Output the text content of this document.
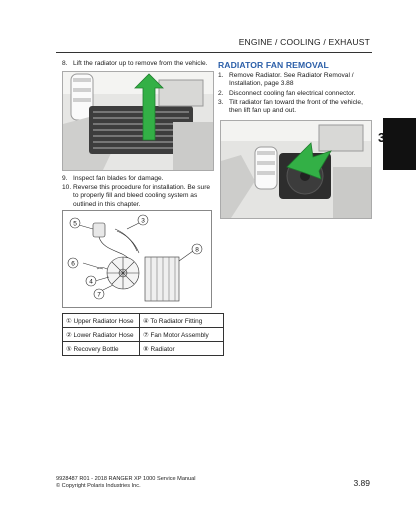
ENGINE / COOLING / EXHAUST
3
8. Lift the radiator up to remove from the vehicle.
9. Inspect fan blades for damage.
10. Reverse this procedure for installation. Be sure to properly fill and bleed cooling system as outlined in this chapter.
5	3
8
6
4
7
① Upper Radiator Hose	④ To Radiator Fitting
② Lower Radiator Hose	⑦ Fan Motor Assembly
⑤ Recovery Bottle	⑧ Radiator
RADIATOR FAN REMOVAL
1. Remove Radiator. See Radiator Removal / Installation, page 3.88
2. Disconnect cooling fan electrical connector.
3. Tilt radiator fan toward the front of the vehicle, then lift fan up and out.
9928487 R01 - 2018 RANGER XP 1000 Service Manual
© Copyright Polaris Industries Inc.	3.89
